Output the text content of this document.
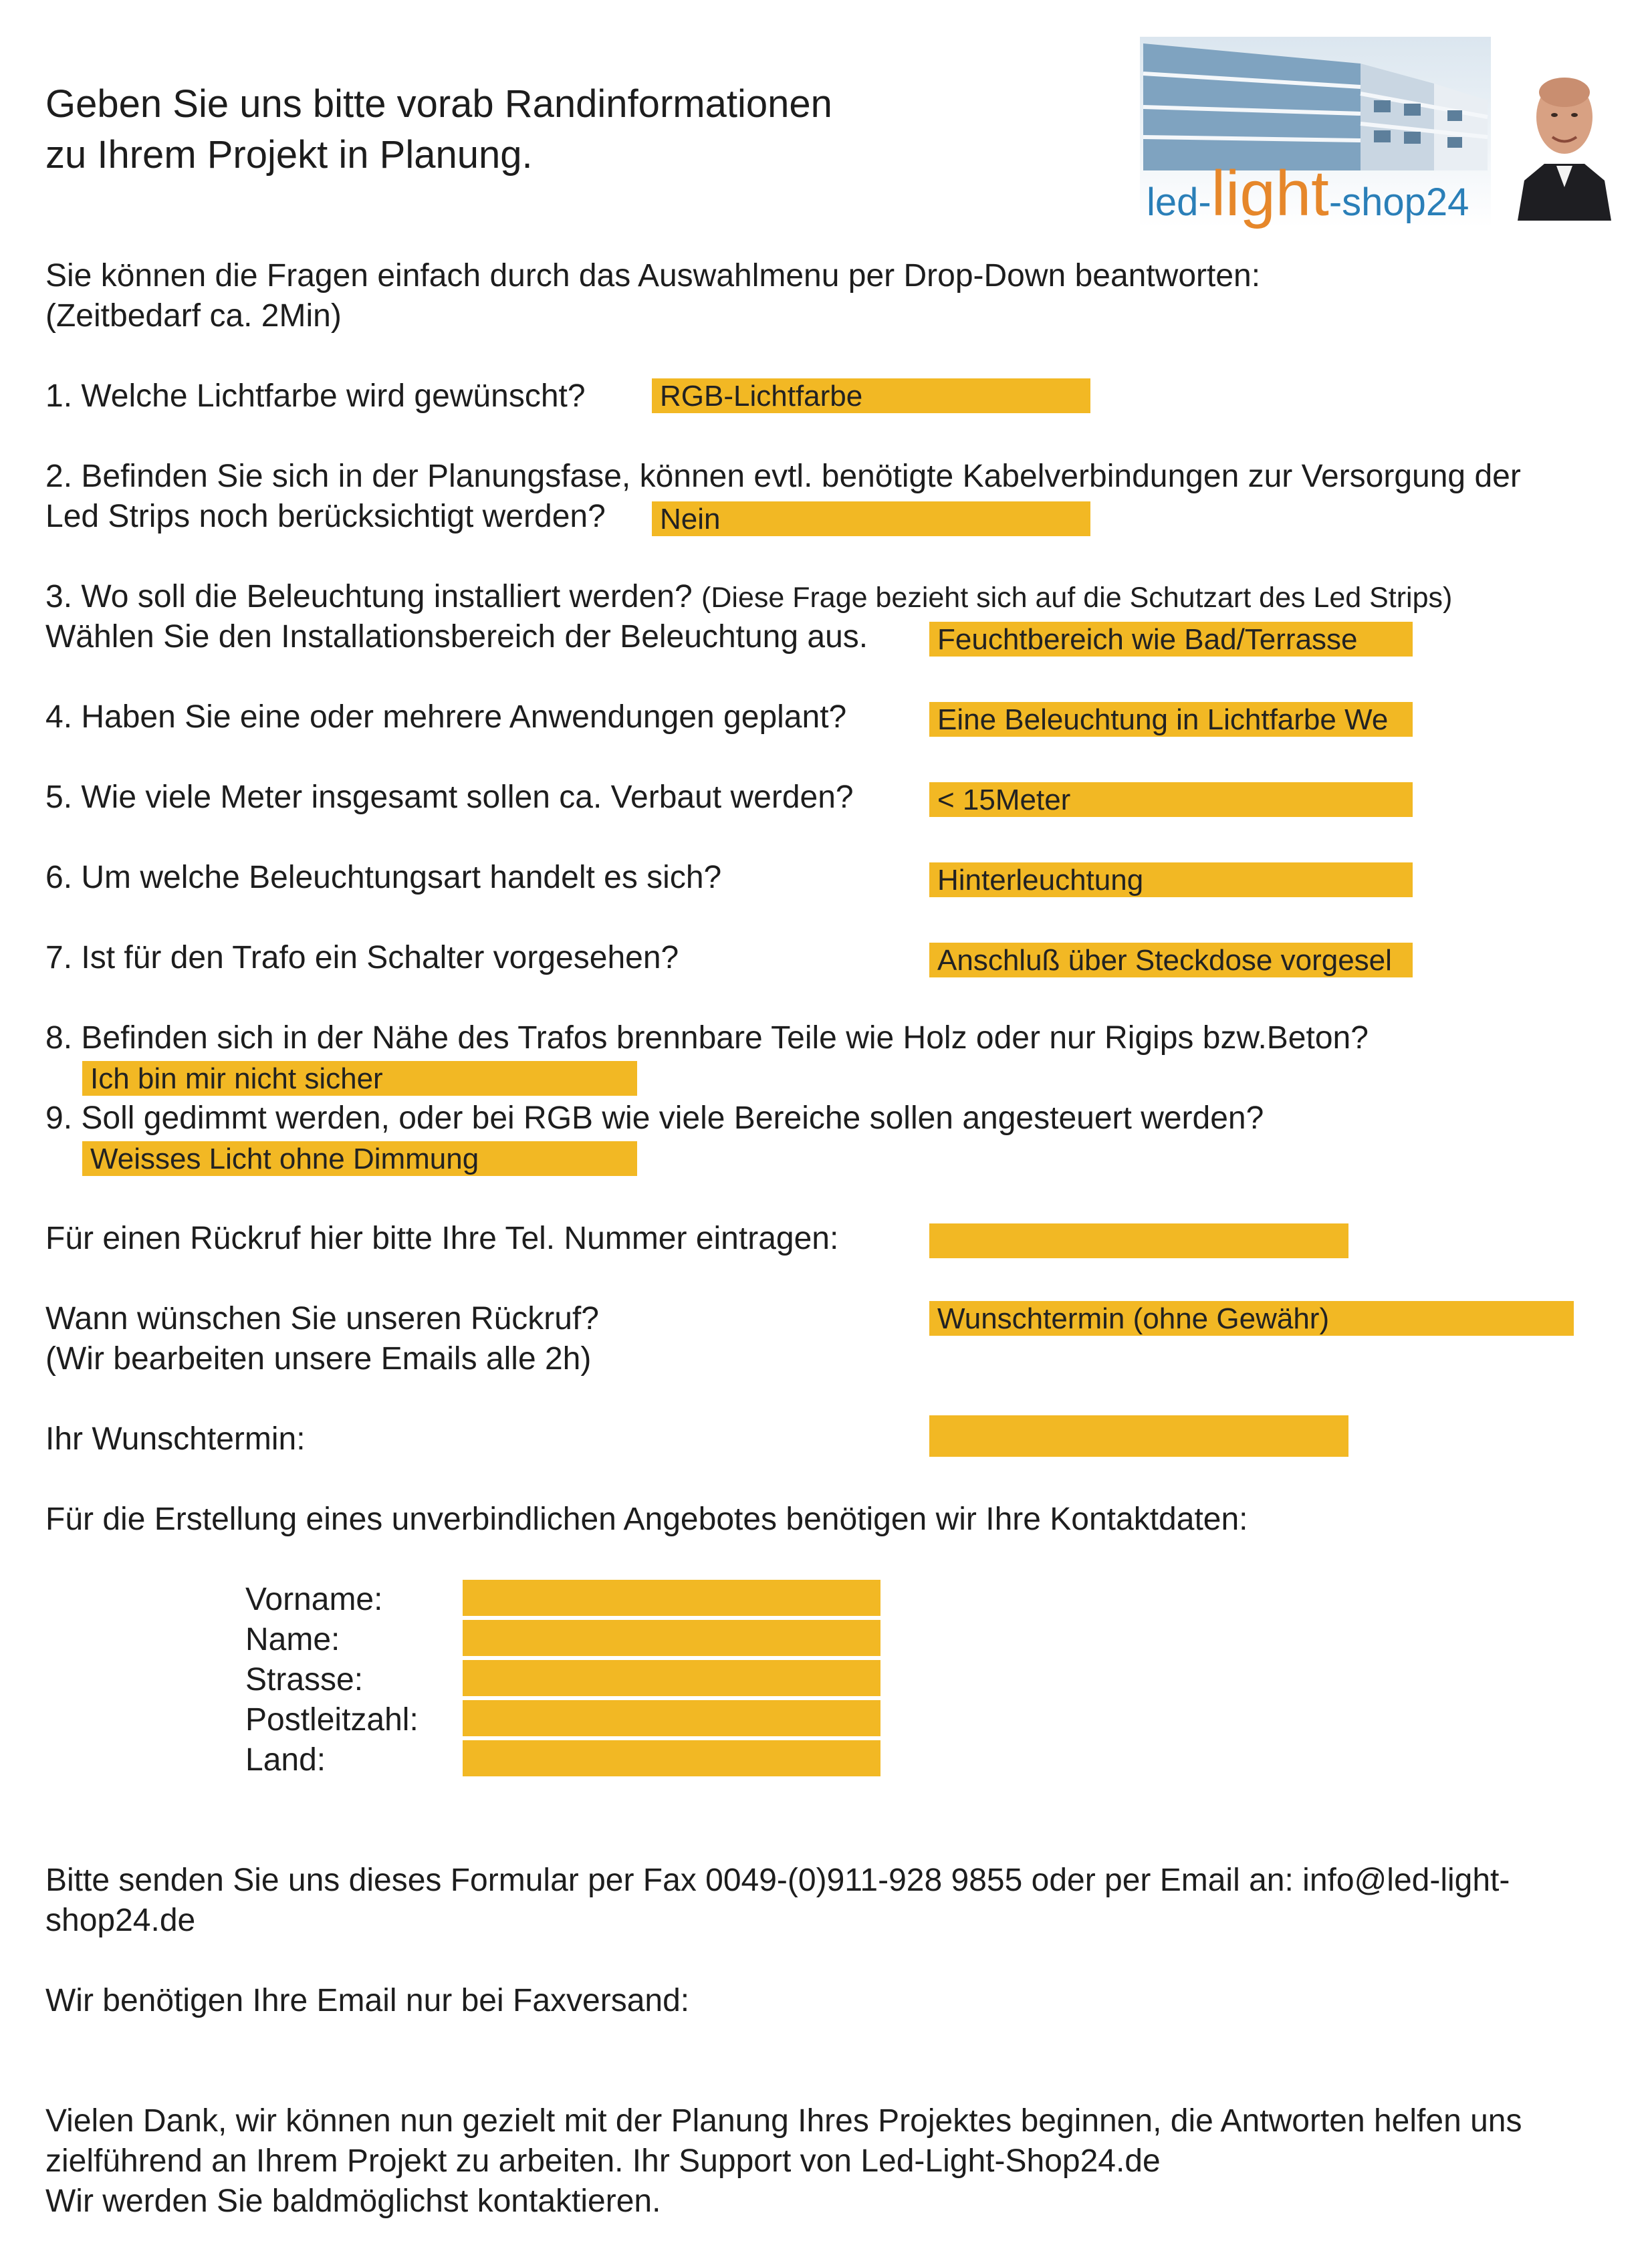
Geben Sie uns bitte vorab Randinformationen
zu Ihrem Projekt in Planung.
led-light-shop24
Sie können die Fragen einfach durch das Auswahlmenu per Drop-Down beantworten:
(Zeitbedarf ca. 2Min)
1. Welche Lichtfarbe wird gewünscht?	RGB-Lichtfarbe
2. Befinden Sie sich in der Planungsfase, können evtl. benötigte Kabelverbindungen zur Versorgung der
Led Strips noch berücksichtigt werden? Nein
3. Wo soll die Beleuchtung installiert werden? (Diese Frage bezieht sich auf die Schutzart des Led Strips)
Wählen Sie den Installationsbereich der Beleuchtung aus. Feuchtbereich wie Bad/Terrasse
4. Haben Sie eine oder mehrere Anwendungen geplant?	Eine Beleuchtung in Lichtfarbe We
5. Wie viele Meter insgesamt sollen ca. Verbaut werden?	< 15Meter
6. Um welche Beleuchtungsart handelt es sich?	Hinterleuchtung
7. Ist für den Trafo ein Schalter vorgesehen?	Anschluß über Steckdose vorgesel
8. Befinden sich in der Nähe des Trafos brennbare Teile wie Holz oder nur Rigips bzw.Beton?
Ich bin mir nicht sicher
9. Soll gedimmt werden, oder bei RGB wie viele Bereiche sollen angesteuert werden?
Weisses Licht ohne Dimmung
Für einen Rückruf hier bitte Ihre Tel. Nummer eintragen:
Wann wünschen Sie unseren Rückruf?
(Wir bearbeiten unsere Emails alle 2h)
Wunschtermin (ohne Gewähr)
Ihr Wunschtermin:
Für die Erstellung eines unverbindlichen Angebotes benötigen wir Ihre Kontaktdaten:
Vorname:
Name:
Strasse:
Postleitzahl:
Land:
Bitte senden Sie uns dieses Formular per Fax 0049-(0)911-928 9855 oder per Email an: info@led-light-
shop24.de
Wir benötigen Ihre Email nur bei Faxversand:
Vielen Dank, wir können nun gezielt mit der Planung Ihres Projektes beginnen, die Antworten helfen uns
zielführend an Ihrem Projekt zu arbeiten. Ihr Support von Led-Light-Shop24.de
Wir werden Sie baldmöglichst kontaktieren.
